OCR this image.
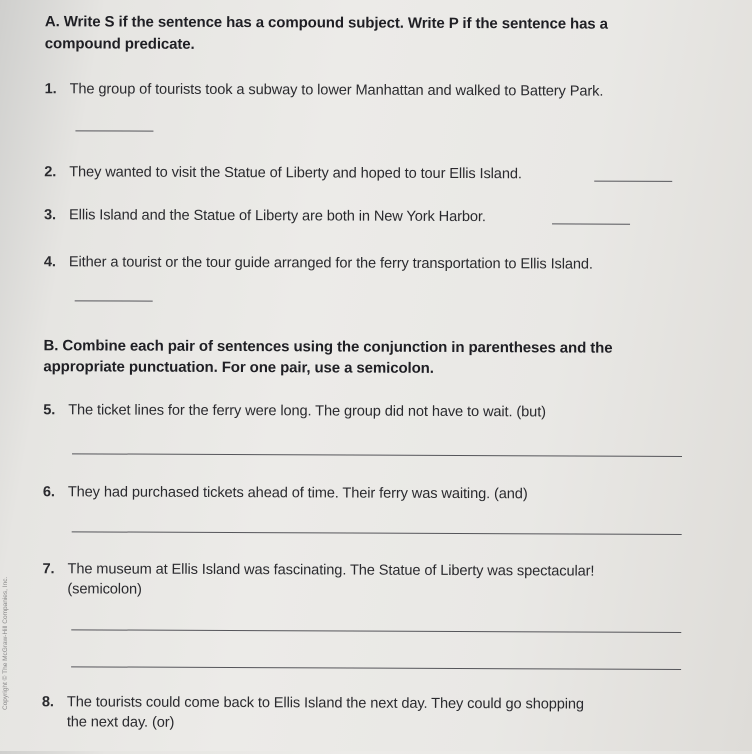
A. Write S if the sentence has a compound subject. Write P if the sentence has a
compound predicate.
1. The group of tourists took a subway to lower Manhattan and walked to Battery Park.
2. They wanted to visit the Statue of Liberty and hoped to tour Ellis Island.
3. Ellis Island and the Statue of Liberty are both in New York Harbor.
4. Either a tourist or the tour guide arranged for the ferry transportation to Ellis Island.
B. Combine each pair of sentences using the conjunction in parentheses and the
appropriate punctuation. For one pair, use a semicolon.
5. The ticket lines for the ferry were long. The group did not have to wait. (but)
6. They had purchased tickets ahead of time. Their ferry was waiting. (and)
7. The museum at Ellis Island was fascinating. The Statue of Liberty was spectacular!
(semicolon)
8. The tourists could come back to Ellis Island the next day. They could go shopping
the next day. (or)
Copyright © The McGraw-Hill Companies, Inc.
